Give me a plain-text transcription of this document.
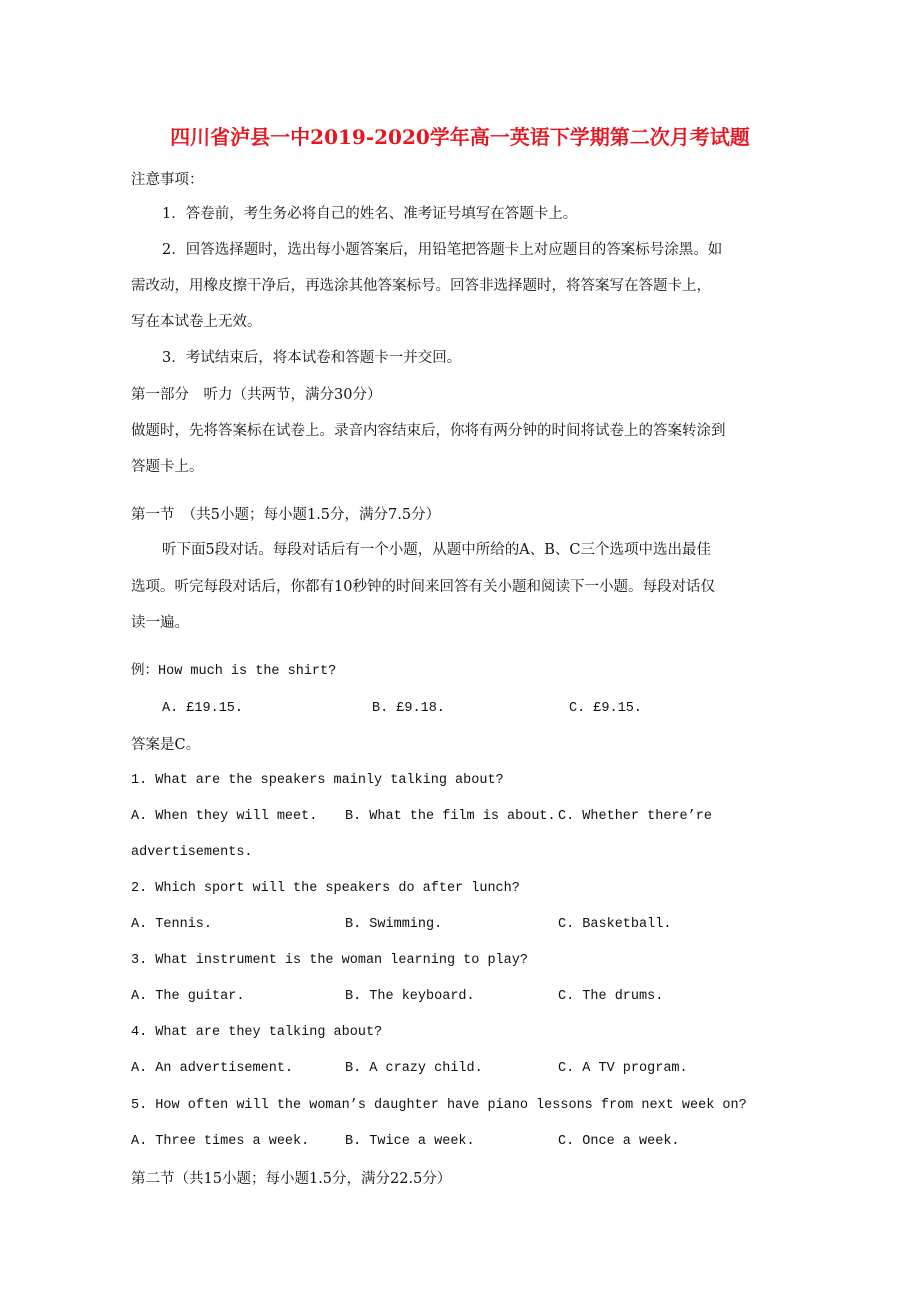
四川省泸县一中2019-2020学年高一英语下学期第二次月考试题
注意事项：
1．答卷前，考生务必将自己的姓名、准考证号填写在答题卡上。
2．回答选择题时，选出每小题答案后，用铅笔把答题卡上对应题目的答案标号涂黑。如
需改动，用橡皮擦干净后，再选涂其他答案标号。回答非选择题时，将答案写在答题卡上，
写在本试卷上无效。
3．考试结束后，将本试卷和答题卡一并交回。
第一部分　听力（共两节，满分30分）
做题时，先将答案标在试卷上。录音内容结束后，你将有两分钟的时间将试卷上的答案转涂到
答题卡上。
第一节　（共5小题；每小题1.5分，满分7.5分）
听下面5段对话。每段对话后有一个小题，从题中所给的A、B、C三个选项中选出最佳
选项。听完每段对话后，你都有10秒钟的时间来回答有关小题和阅读下一小题。每段对话仅
读一遍。
例：How much is the shirt?
A. £19.15.	B. £9.18.	C. £9.15.
答案是C。
1. What are the speakers mainly talking about?
A. When they will meet. B. What the film is about. C. Whether there’re
advertisements.
2. Which sport will the speakers do after lunch?
A. Tennis.	B. Swimming.	C. Basketball.
3. What instrument is the woman learning to play?
A. The guitar.	B. The keyboard.	C. The drums.
4. What are they talking about?
A. An advertisement.	B. A crazy child.	C. A TV program.
5. How often will the woman’s daughter have piano lessons from next week on?
A. Three times a week.	B. Twice a week.	C. Once a week.
第二节（共15小题；每小题1.5分，满分22.5分）
